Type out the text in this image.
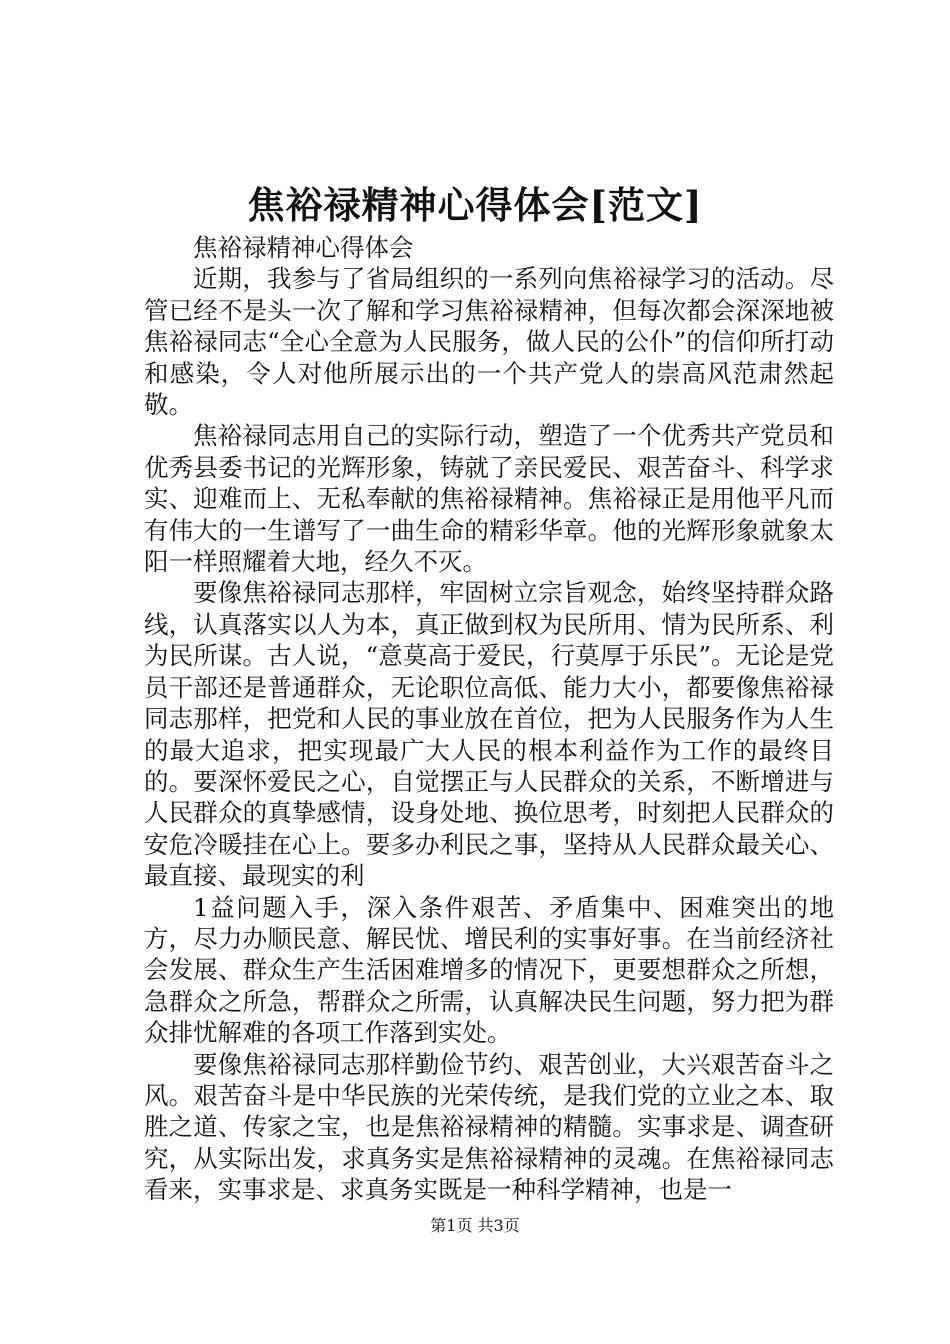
焦裕禄精神心得体会[范文]

焦裕禄精神心得体会

近期，我参与了省局组织的一系列向焦裕禄学习的活动。尽管已经不是头一次了解和学习焦裕禄精神，但每次都会深深地被焦裕禄同志“全心全意为人民服务，做人民的公仆”的信仰所打动和感染，令人对他所展示出的一个共产党人的崇高风范肃然起敬。

焦裕禄同志用自己的实际行动，塑造了一个优秀共产党员和优秀县委书记的光辉形象，铸就了亲民爱民、艰苦奋斗、科学求实、迎难而上、无私奉献的焦裕禄精神。焦裕禄正是用他平凡而有伟大的一生谱写了一曲生命的精彩华章。他的光辉形象就象太阳一样照耀着大地，经久不灭。

要像焦裕禄同志那样，牢固树立宗旨观念，始终坚持群众路线，认真落实以人为本，真正做到权为民所用、情为民所系、利为民所谋。古人说，“意莫高于爱民，行莫厚于乐民”。无论是党员干部还是普通群众，无论职位高低、能力大小，都要像焦裕禄同志那样，把党和人民的事业放在首位，把为人民服务作为人生的最大追求，把实现最广大人民的根本利益作为工作的最终目的。要深怀爱民之心，自觉摆正与人民群众的关系，不断增进与人民群众的真挚感情，设身处地、换位思考，时刻把人民群众的安危冷暖挂在心上。要多办利民之事，坚持从人民群众最关心、最直接、最现实的利

1益问题入手，深入条件艰苦、矛盾集中、困难突出的地方，尽力办顺民意、解民忧、增民利的实事好事。在当前经济社会发展、群众生产生活困难增多的情况下，更要想群众之所想，急群众之所急，帮群众之所需，认真解决民生问题，努力把为群众排忧解难的各项工作落到实处。

要像焦裕禄同志那样勤俭节约、艰苦创业，大兴艰苦奋斗之风。艰苦奋斗是中华民族的光荣传统，是我们党的立业之本、取胜之道、传家之宝，也是焦裕禄精神的精髓。实事求是、调查研究，从实际出发，求真务实是焦裕禄精神的灵魂。在焦裕禄同志看来，实事求是、求真务实既是一种科学精神，也是一

第1页 共3页
